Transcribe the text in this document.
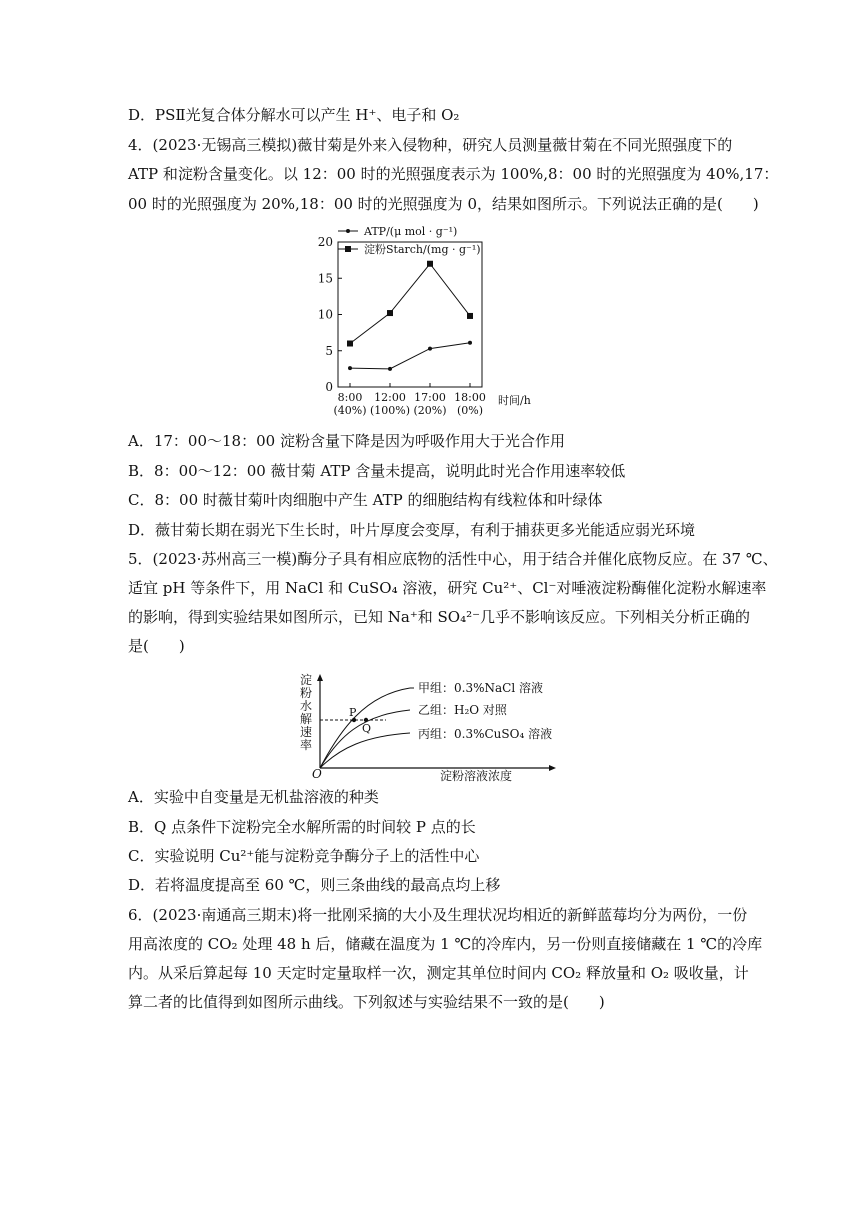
D．PSⅡ光复合体分解水可以产生 H⁺、电子和 O₂
4．(2023·无锡高三模拟)薇甘菊是外来入侵物种，研究人员测量薇甘菊在不同光照强度下的
ATP 和淀粉含量变化。以 12：00 时的光照强度表示为 100%,8：00 时的光照强度为 40%,17：
00 时的光照强度为 20%,18：00 时的光照强度为 0，结果如图所示。下列说法正确的是(　　)
0
5
10
15
20
8:00
(40%)
12:00
(100%)
17:00
(20%)
18:00
(0%)
ATP/(μ mol · g⁻¹)
淀粉Starch/(mg · g⁻¹)
时间/h
A．17：00～18：00 淀粉含量下降是因为呼吸作用大于光合作用
B．8：00～12：00 薇甘菊 ATP 含量未提高，说明此时光合作用速率较低
C．8：00 时薇甘菊叶肉细胞中产生 ATP 的细胞结构有线粒体和叶绿体
D．薇甘菊长期在弱光下生长时，叶片厚度会变厚，有利于捕获更多光能适应弱光环境
5．(2023·苏州高三一模)酶分子具有相应底物的活性中心，用于结合并催化底物反应。在 37 ℃、
适宜 pH 等条件下，用 NaCl 和 CuSO₄ 溶液，研究 Cu²⁺、Cl⁻对唾液淀粉酶催化淀粉水解速率
的影响，得到实验结果如图所示，已知 Na⁺和 SO₄²⁻几乎不影响该反应。下列相关分析正确的
是(　　)
淀粉水解速率
O	淀粉溶液浓度
P
Q
甲组：0.3%NaCl 溶液
乙组：H₂O 对照
丙组：0.3%CuSO₄ 溶液
A．实验中自变量是无机盐溶液的种类
B．Q 点条件下淀粉完全水解所需的时间较 P 点的长
C．实验说明 Cu²⁺能与淀粉竞争酶分子上的活性中心
D．若将温度提高至 60 ℃，则三条曲线的最高点均上移
6．(2023·南通高三期末)将一批刚采摘的大小及生理状况均相近的新鲜蓝莓均分为两份，一份
用高浓度的 CO₂ 处理 48 h 后，储藏在温度为 1 ℃的冷库内，另一份则直接储藏在 1 ℃的冷库
内。从采后算起每 10 天定时定量取样一次，测定其单位时间内 CO₂ 释放量和 O₂ 吸收量，计
算二者的比值得到如图所示曲线。下列叙述与实验结果不一致的是(　　)
